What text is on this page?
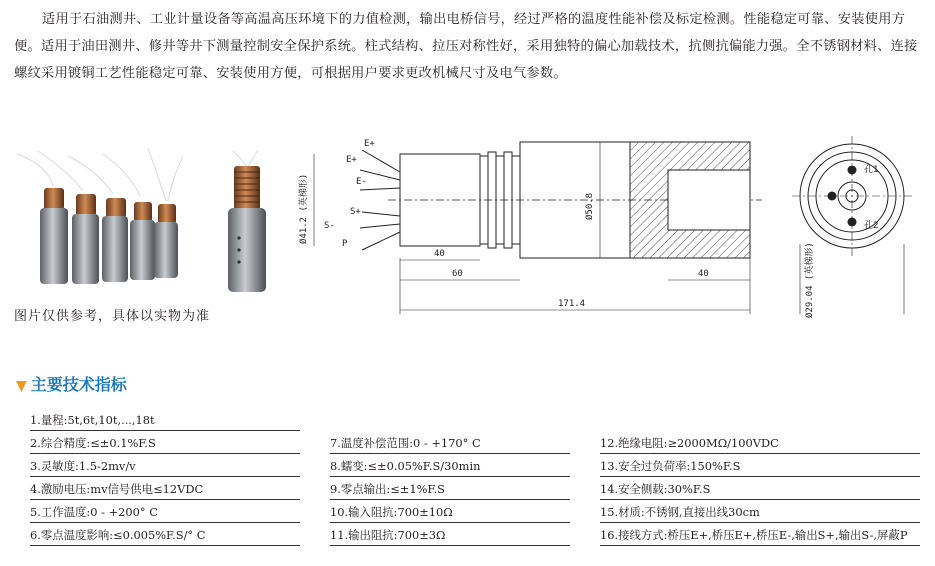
适用于石油测井、工业计量设备等高温高压环境下的力值检测，输出电桥信号，经过严格的温度性能补偿及标定检测。性能稳定可靠、安装使用方便。适用于油田测井、修井等井下测量控制安全保护系统。柱式结构、拉压对称性好，采用独特的偏心加载技术，抗侧抗偏能力强。全不锈钢材料、连接螺纹采用镀铜工艺性能稳定可靠、安装使用方便，可根据用户要求更改机械尺寸及电气参数。
图片仅供参考，具体以实物为准
E+
E+
E-
S+
S-
P
Ø41.2 (英梯形)	Ø50.8
40
60	40
171.4
孔1
孔2
Ø29.04 (英梯形)
▼ 主要技术指标
1.量程:5t,6t,10t,...,18t
2.综合精度:≤±0.1%F.S
3.灵敏度:1.5-2mv/v
4.激励电压:mv信号供电≤12VDC
5.工作温度:0 - +200° C
6.零点温度影响:≤0.005%F.S/° C
7.温度补偿范围:0 - +170° C
8.蠕变:≤±0.05%F.S/30min
9.零点输出:≤±1%F.S
10.输入阻抗:700±10Ω
11.输出阻抗:700±3Ω
12.绝缘电阻:≥2000MΩ/100VDC
13.安全过负荷率:150%F.S
14.安全侧载:30%F.S
15.材质:不锈钢,直接出线30cm
16.接线方式:桥压E+,桥压E+,桥压E-,输出S+,输出S-,屏蔽P
